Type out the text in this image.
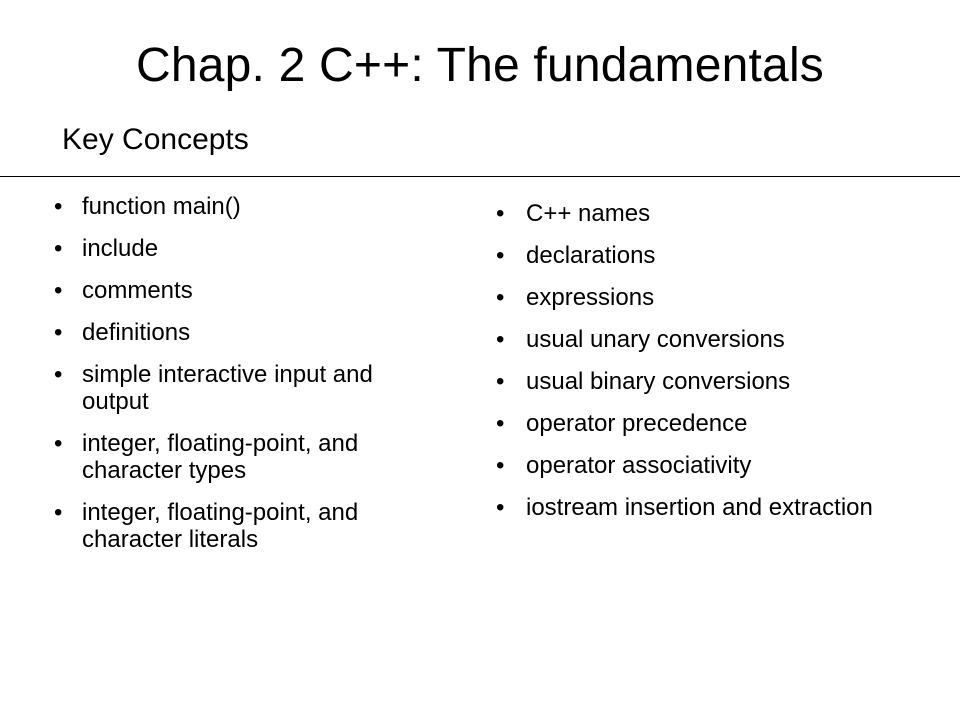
Chap. 2 C++: The fundamentals
Key Concepts
• function main()
• include
• comments
• definitions
• simple interactive input and output
• integer, floating-point, and character types
• integer, floating-point, and character literals
• C++ names
• declarations
• expressions
• usual unary conversions
• usual binary conversions
• operator precedence
• operator associativity
• iostream insertion and extraction
